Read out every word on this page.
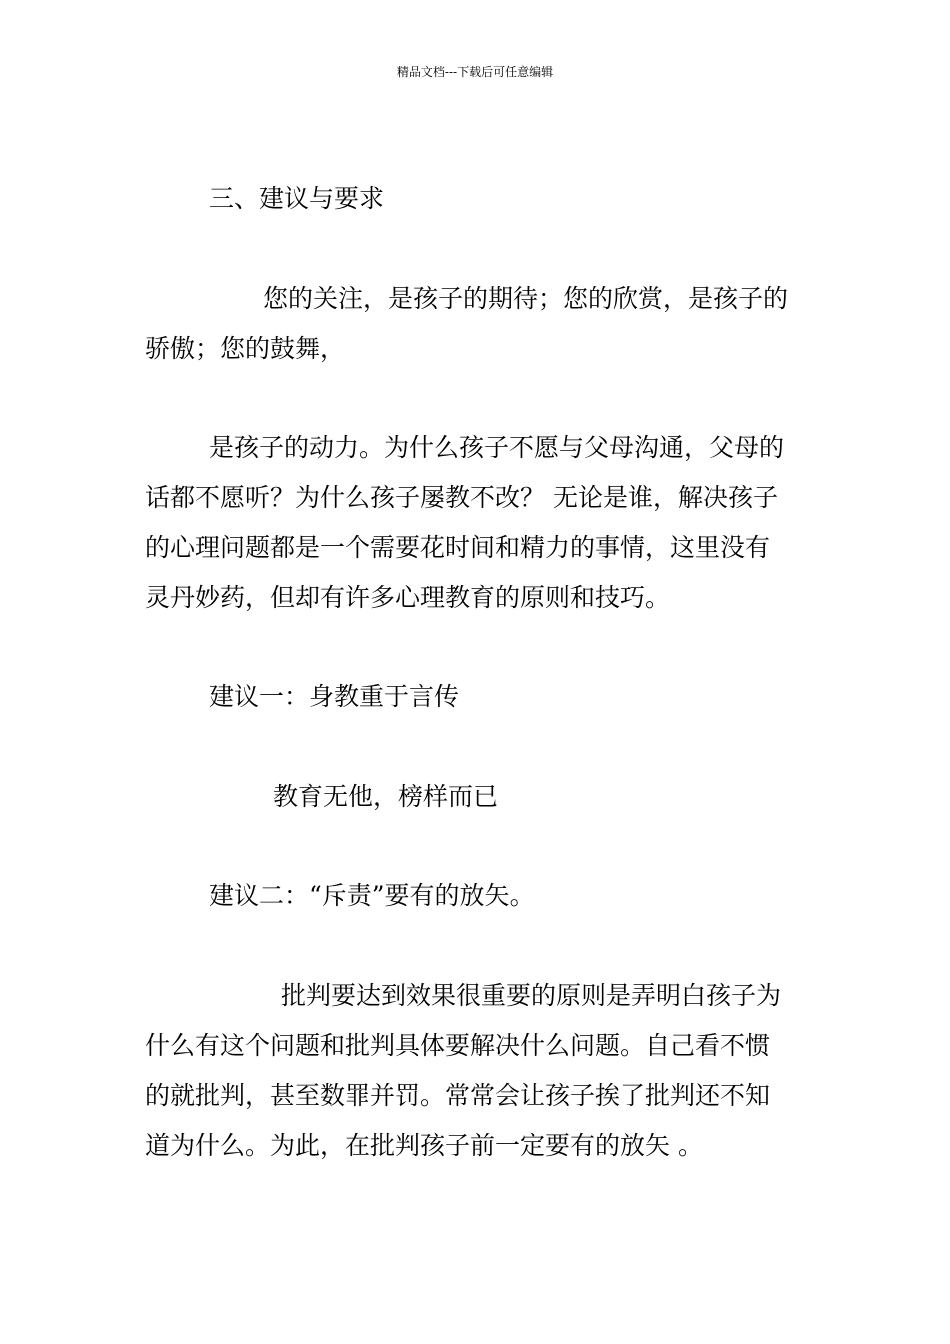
精品文档---下载后可任意编辑
三、建议与要求
您的关注，是孩子的期待；您的欣赏，是孩子的
骄傲；您的鼓舞，
是孩子的动力。为什么孩子不愿与父母沟通，父母的
话都不愿听？为什么孩子屡教不改？ 无论是谁，解决孩子
的心理问题都是一个需要花时间和精力的事情，这里没有
灵丹妙药，但却有许多心理教育的原则和技巧。
建议一：身教重于言传
教育无他，榜样而已
建议二：“斥责”要有的放矢。
批判要达到效果很重要的原则是弄明白孩子为
什么有这个问题和批判具体要解决什么问题。自己看不惯
的就批判，甚至数罪并罚。常常会让孩子挨了批判还不知
道为什么。为此，在批判孩子前一定要有的放矢 。
